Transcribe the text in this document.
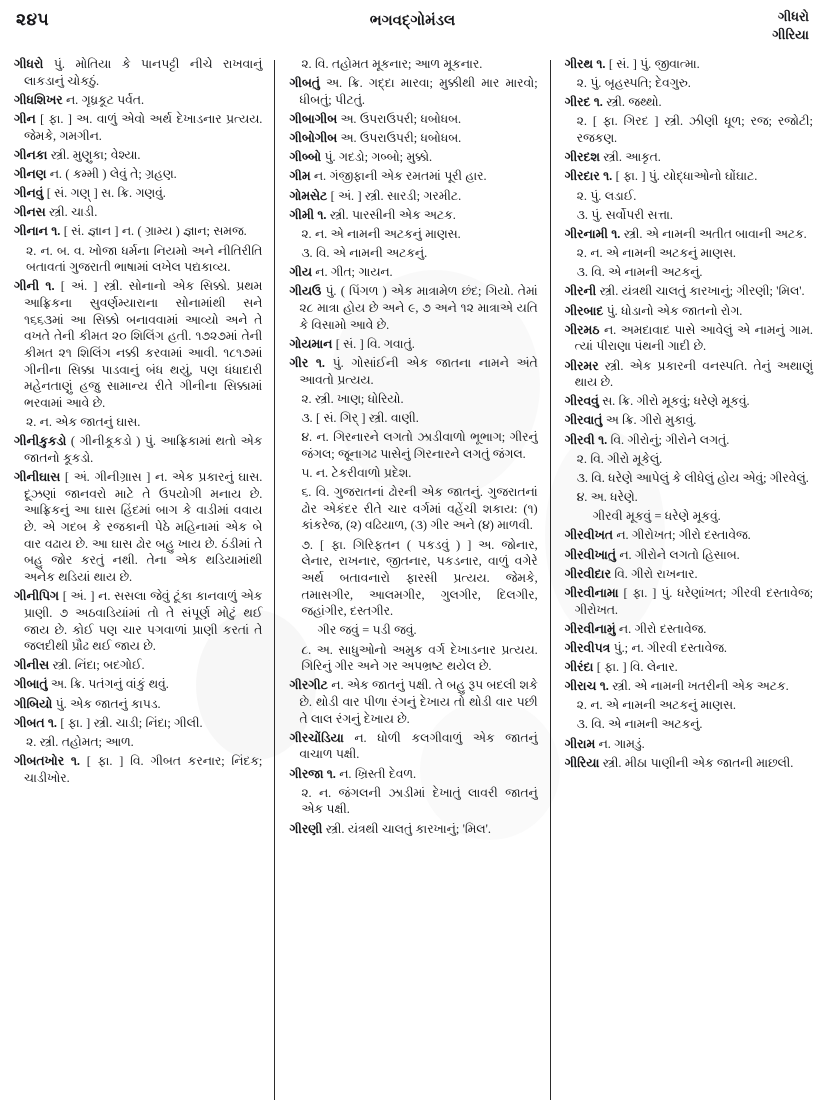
૨૪૫	ભગવદ્‌ગોમંડલ	ગીધરો
ગીરિયા

ગીધરો પું. મોતિયા કે પાનપટ્ટી નીચે રાખવાનું લાકડાનું ચોકઠું.

ગીધશિખર ન. ગૃધ્રકૂટ પર્વત.

ગીન [ ફા. ] અ. વાળું એવો અર્થ દેખાડનાર પ્રત્યય. જેમકે, ગમગીન.

ગીનકા સ્ત્રી. મુણુકા; વેશ્યા.

ગીનણ ન. ( કમ્મી ) લેવું તે; ગ્રહણ.

ગીનવું [ સં. ગણ્ ] સ. ક્રિ. ગણવું.

ગીનસ સ્ત્રી. ચાડી.

ગીનાન ૧. [ સં. જ્ઞાન ] ન. ( ગ્રામ્ય ) જ્ઞાન; સમજ.

૨. ન. બ. વ. ખોજા ધર્મના નિયમો અને નીતિરીતિ બતાવતાં ગુજરાતી ભાષામાં લખેલ પદ્યકાવ્ય.

ગીની ૧. [ અં. ] સ્ત્રી. સોનાનો એક સિક્કો. પ્રથમ આફ્રિકના સુવર્ણમ્યારાના સોનામાંથી સને ૧૬૬૩માં આ સિક્કો બનાવવામાં આવ્યો અને તે વખતે તેની કીમત ૨૦ શિલિંગ હતી. ૧૭૨૭માં તેની કીમત ૨૧ શિલિંગ નક્કી કરવામાં આવી. ૧૮૧૭માં ગીનીના સિક્કા પાડવાનું બંધ થયું, પણ ધંધાદારી મહેનતાણું હજુ સામાન્ય રીતે ગીનીના સિક્કામાં ભરવામાં આવે છે.

૨. ન. એક જાતનું ઘાસ.

ગીનીકુકડો ( ગીનીકૂકડો ) પું. આફ્રિકામાં થતો એક જાતનો કૂકડો.

ગીનીઘાસ [ અં. ગીનીગ્રાસ ] ન. એક પ્રકારનું ઘાસ. દૂઝણાં જાનવરો માટે તે ઉપયોગી મનાય છે. આફ્રિકનું આ ઘાસ હિંદમાં બાગ કે વાડીમાં વવાય છે. એ ગદબ કે રજકાની પેઠે મહિનામાં એક બે વાર વઢાય છે. આ ઘાસ ઢોર બહુ ખાય છે. ઠંડીમાં તે બહુ જોર કરતું નથી. તેના એક થડિયામાંથી અનેક થડિયાં થાય છે.

ગીનીપિગ [ અં. ] ન. સસલા જેવું ટૂંકા કાનવાળું એક પ્રાણી. ૭ અઠવાડિયાંમાં તો તે સંપૂર્ણ મોટું થઈ જાય છે. કોઈ પણ ચાર પગવાળાં પ્રાણી કરતાં તે જલદીથી પ્રૌઢ થઈ જાય છે.

ગીનીસ સ્ત્રી. નિંદા; બદગોઈ.

ગીબાતું અ. ક્રિ. પતંગનું વાંકું થવું.

ગીબિયો પું. એક જાતનું કાપડ.

ગીબત ૧. [ ફા. ] સ્ત્રી. ચાડી; નિંદા; ગીલી.

૨. સ્ત્રી. તહોમત; આળ.

ગીબતખોર ૧. [ ફા. ] વિ. ગીબત કરનાર; નિંદક; ચાડીખોર.

૨. વિ. તહોમત મૂકનાર; આળ મૂકનાર.

ગીબતું અ. ક્રિ. ગદ્દા મારવા; મુક્કીથી માર મારવો; ધીબતું; પીટતું.

ગીબાગીબ અ. ઉપરાઉપરી; ધબોધબ.

ગીબોગીબ અ. ઉપરાઉપરી; ધબોધબ.

ગીબ્બો પું. ગદડો; ગબ્બો; મુક્કો.

ગીમ ન. ગંજીફાની એક રમતમાં પૂરી હાર.

ગોમસેટ [ અં. ] સ્ત્રી. સારડી; ગરમીટ.

ગીમી ૧. સ્ત્રી. પારસીની એક અટક.

૨. ન. એ નામની અટકનું માણસ.

૩. વિ. એ નામની અટકનું.

ગીય ન. ગીત; ગાયન.

ગીયઉ પું. ( પિંગળ ) એક માત્રામેળ છંદ; ગિયો. તેમાં ૨૮ માત્રા હોય છે અને ૯, ૭ અને ૧૨ માત્રાએ યતિ કે વિસામો આવે છે.

ગોયમાન [ સં. ] વિ. ગવાતું.

ગીર ૧. પું. ગોસાંઈની એક જાતના નામને અંતે આવતો પ્રત્યય.

૨. સ્ત્રી. ખાણ; ધોરિયો.

૩. [ સં. ગિર્ ] સ્ત્રી. વાણી.

૪. ન. ગિરનારને લગતો ઝાડીવાળો ભૂભાગ; ગીરનું જંગલ; જૂનાગઢ પાસેનું ગિરનારને લગતું જંગલ.

૫. ન. ટેકરીવાળો પ્રદેશ.

૬. વિ. ગુજરાતનાં ઢોરની એક જાતનું. ગુજરાતનાં ઢોર એકંદર રીતે ચાર વર્ગમાં વહેંચી શકાય: (૧) કાંકરેજ, (૨) વઢિયાળ, (૩) ગીર અને (૪) માળવી.

૭. [ ફા. ગિરિફતન ( પકડવું ) ] અ. જોનાર, લેનાર, રાખનાર, જીતનાર, પકડનાર, વાળું વગેરે અર્થ બતાવનારો ફારસી પ્રત્યય. જેમકે, તમાસગીર, આલમગીર, ગુલગીર, દિલગીર, જહાંગીર, દસ્તગીર.

ગીર જવું = પડી જવું.

૮. અ. સાધુઓનો અમુક વર્ગ દેખાડનાર પ્રત્યય. ગિરિનું ગીર અને ગર અપભ્રષ્ટ થયેલ છે.

ગીરગીટ ન. એક જાતનું પક્ષી. તે બહુ રૂપ બદલી શકે છે. થોડી વાર પીળા રંગનું દેખાય તો થોડી વાર પછી તે લાલ રંગનું દેખાય છે.

ગીરચોંડિયા ન. ધોળી કલગીવાળું એક જાતનું વાચાળ પક્ષી.

ગીરજા ૧. ન. ખ્રિસ્તી દેવળ.

૨. ન. જંગલની ઝાડીમાં દેખાતું લાવરી જાતનું એક પક્ષી.

ગીરણી સ્ત્રી. યંત્રથી ચાલતું કારખાનું; 'મિલ'.

ગીરથ ૧. [ સં. ] પું. જીવાત્મા.

૨. પું. બૃહસ્પતિ; દેવગુરુ.

ગીરદ ૧. સ્ત્રી. જથ્થો.

૨. [ ફા. ગિરદ ] સ્ત્રી. ઝીણી ધૂળ; રજ; રજોટી; રજકણ.

ગીરદશ સ્ત્રી. આકૃત.

ગીરદાર ૧. [ ફા. ] પું. યોદ્ધાઓનો ઘોંઘાટ.

૨. પું. લડાઈ.

૩. પું. સર્વોપરી સત્તા.

ગીરનામી ૧. સ્ત્રી. એ નામની અતીત બાવાની અટક.

૨. ન. એ નામની અટકનું માણસ.

૩. વિ. એ નામની અટકનું.

ગીરની સ્ત્રી. યંત્રથી ચાલતું કારખાનું; ગીરણી; 'મિલ'.

ગીરબાદ પું. ધોડાનો એક જાતનો રોગ.

ગીરમઠ ન. અમદાવાદ પાસે આવેલું એ નામનું ગામ. ત્યાં પીરાણા પંથની ગાદી છે.

ગીરમર સ્ત્રી. એક પ્રકારની વનસ્પતિ. તેનું અથાણું થાય છે.

ગીરવવું સ. ક્રિ. ગીરો મૂકવું; ધરેણે મૂકવું.

ગીરવાતું અ ક્રિ. ગીરો મુકાવું.

ગીરવી ૧. વિ. ગીરોનું; ગીરોને લગતું.

૨. વિ. ગીરો મૂકેલું.

૩. વિ. ધરેણે આપેલું કે લીધેલું હોય એવું; ગીરવેલું.

૪. અ. ધરેણે.

ગીરવી મૂકવું = ધરેણે મૂકવું.

ગીરવીખત ન. ગીરોખત; ગીરો દસ્તાવેજ.

ગીરવીખાતું ન. ગીરોને લગતો હિસાબ.

ગીરવીદાર વિ. ગીરો રાખનાર.

ગીરવીનામા [ ફા. ] પું. ધરેણાંખત; ગીરવી દસ્તાવેજ; ગીરોખત.

ગીરવીનામું ન. ગીરો દસ્તાવેજ.

ગીરવીપત્ર પું.; ન. ગીરવી દસ્તાવેજ.

ગીરંદા [ ફા. ] વિ. લેનાર.

ગીરાચ ૧. સ્ત્રી. એ નામની ખતરીની એક અટક.

૨. ન. એ નામની અટકનું માણસ.

૩. વિ. એ નામની અટકનું.

ગીરામ ન. ગામડું.

ગીરિયા સ્ત્રી. મીઠા પાણીની એક જાતની માછલી.
